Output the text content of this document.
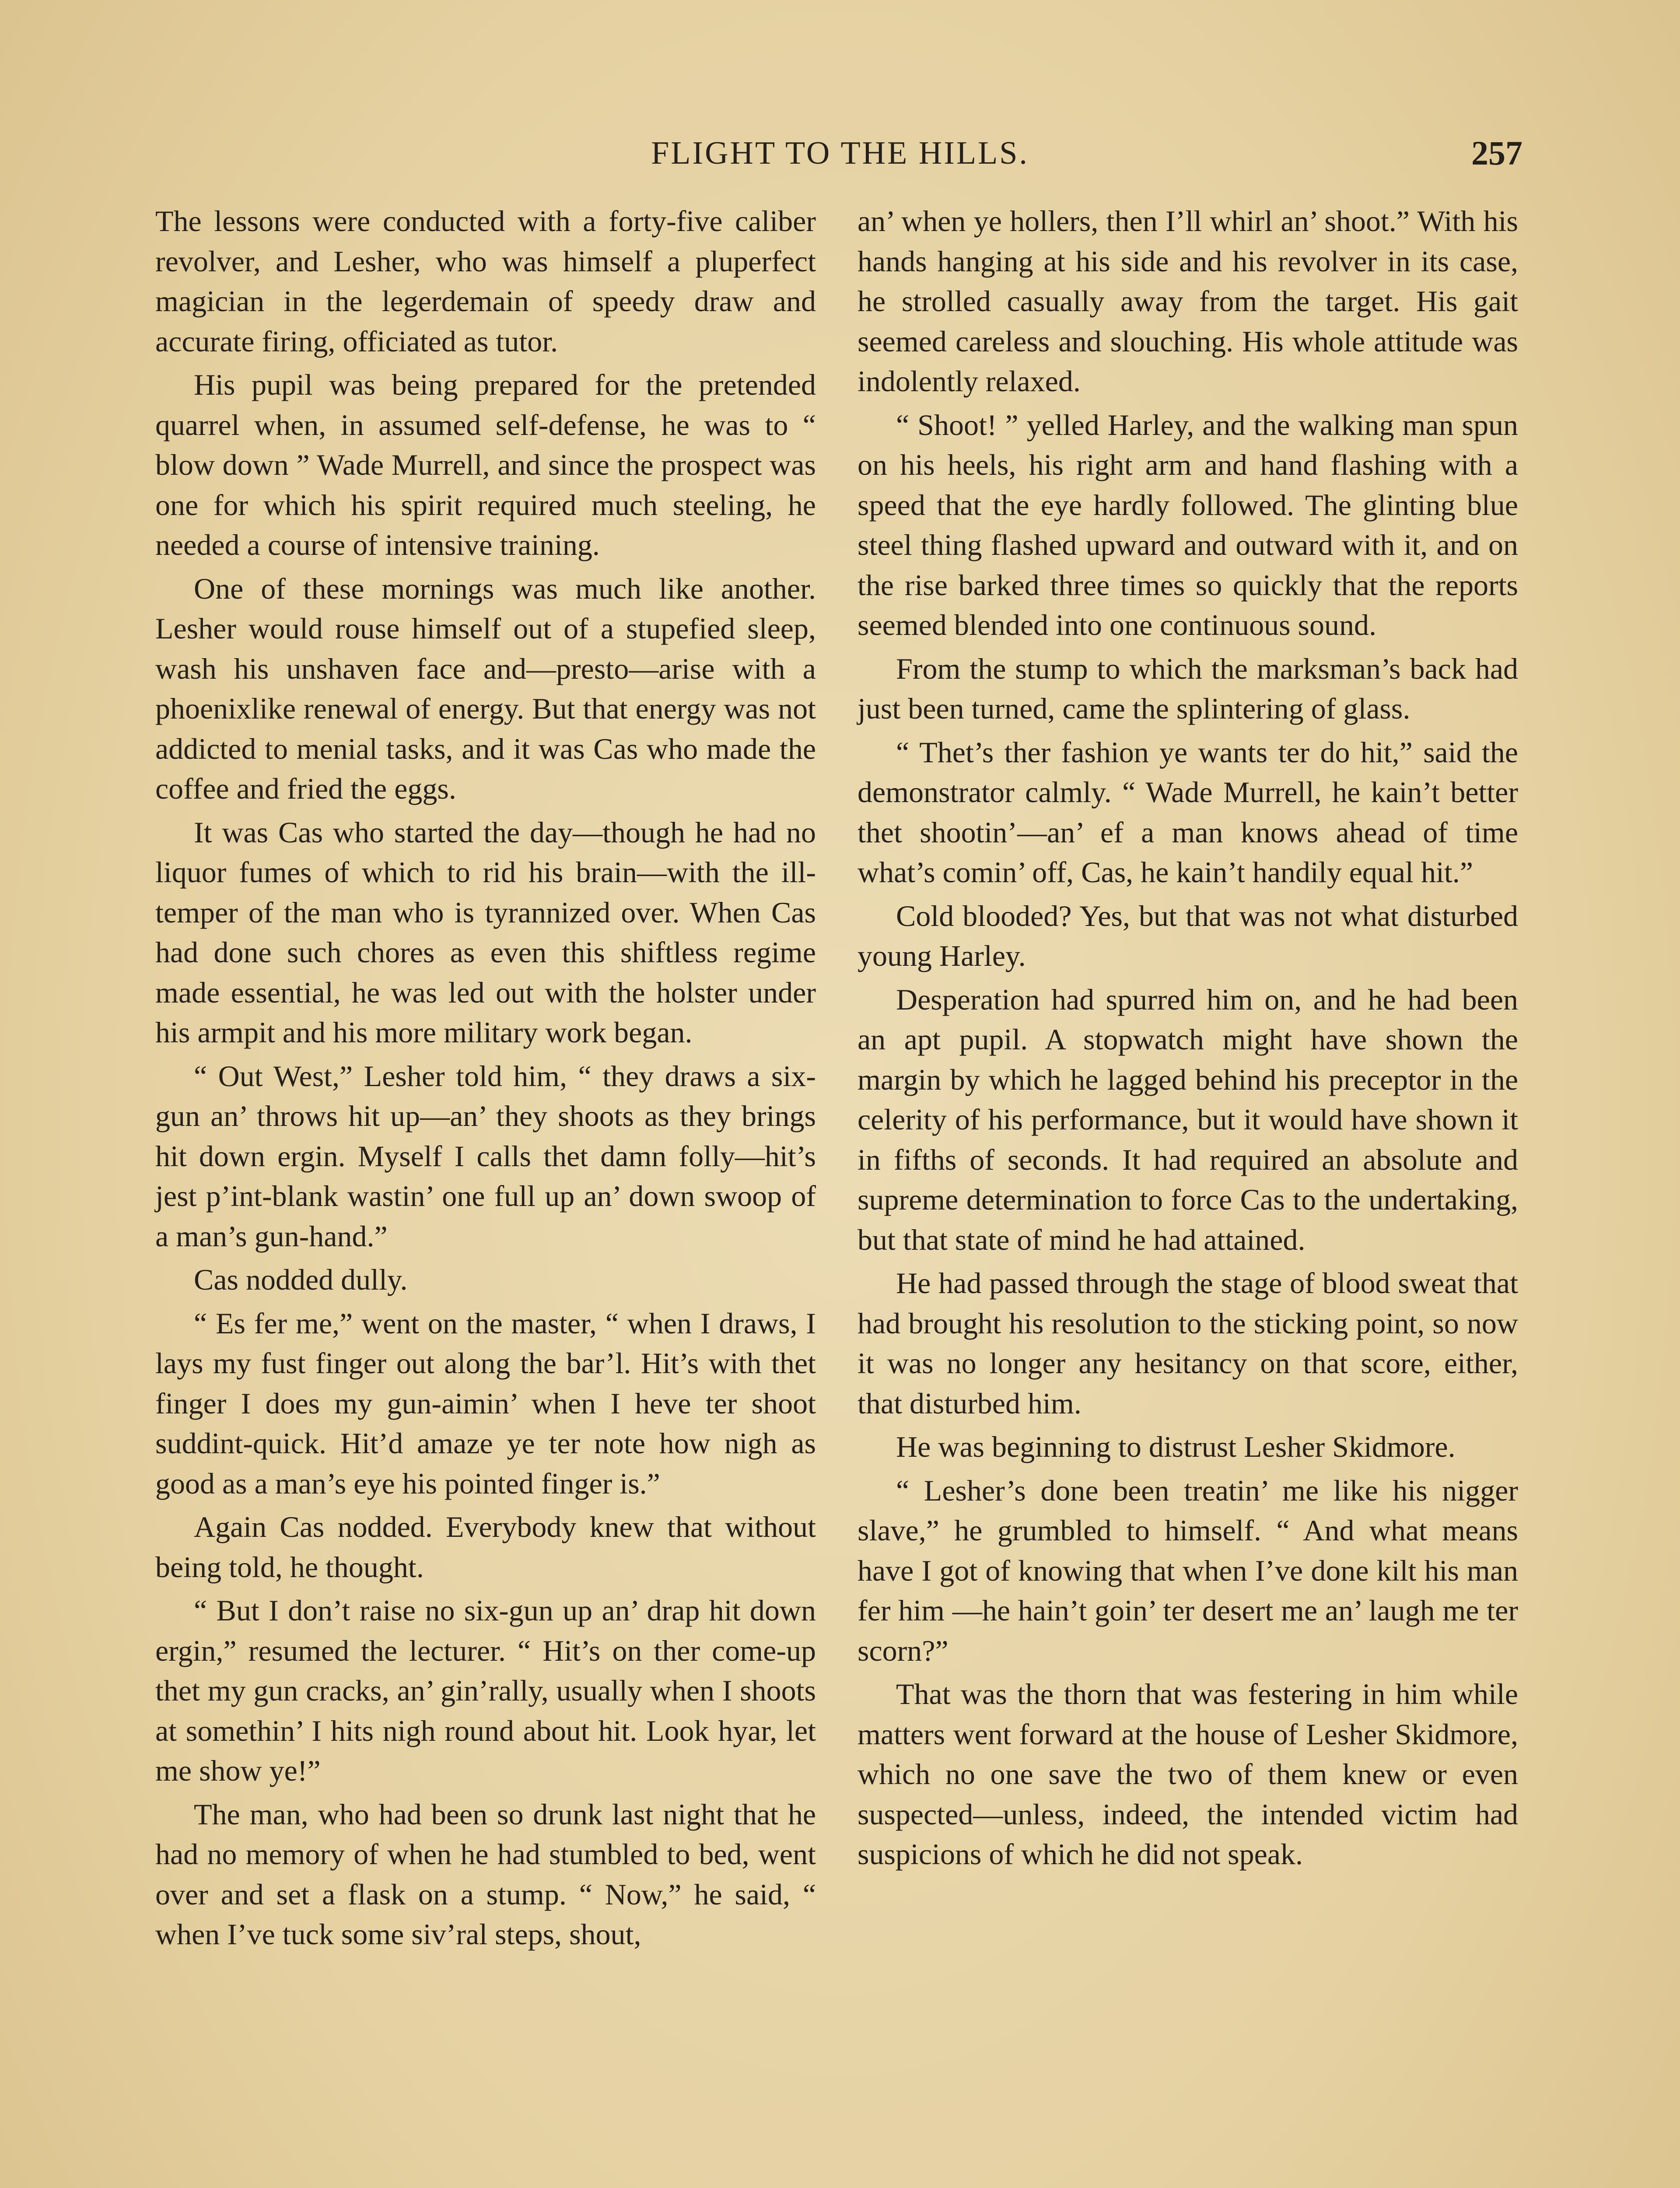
FLIGHT TO THE HILLS.	257

The lessons were conducted with a forty-five caliber revolver, and Lesher, who was himself a pluperfect magician in the legerdemain of speedy draw and accurate firing, officiated as tutor.

His pupil was being prepared for the pretended quarrel when, in assumed self-defense, he was to “ blow down ” Wade Murrell, and since the prospect was one for which his spirit required much steeling, he needed a course of intensive training.

One of these mornings was much like another. Lesher would rouse himself out of a stupefied sleep, wash his unshaven face and—presto—arise with a phoenixlike renewal of energy. But that energy was not addicted to menial tasks, and it was Cas who made the coffee and fried the eggs.

It was Cas who started the day—though he had no liquor fumes of which to rid his brain—with the ill-temper of the man who is tyrannized over. When Cas had done such chores as even this shiftless regime made essential, he was led out with the holster under his armpit and his more military work began.

“ Out West,” Lesher told him, “ they draws a six-gun an’ throws hit up—an’ they shoots as they brings hit down ergin. Myself I calls thet damn folly—hit’s jest p’int-blank wastin’ one full up an’ down swoop of a man’s gun-hand.”

Cas nodded dully.

“ Es fer me,” went on the master, “ when I draws, I lays my fust finger out along the bar’l. Hit’s with thet finger I does my gun-aimin’ when I heve ter shoot suddint-quick. Hit’d amaze ye ter note how nigh as good as a man’s eye his pointed finger is.”

Again Cas nodded. Everybody knew that without being told, he thought.

“ But I don’t raise no six-gun up an’ drap hit down ergin,” resumed the lecturer. “ Hit’s on ther come-up thet my gun cracks, an’ gin’rally, usually when I shoots at somethin’ I hits nigh round about hit. Look hyar, let me show ye!”

The man, who had been so drunk last night that he had no memory of when he had stumbled to bed, went over and set a flask on a stump. “ Now,” he said, “ when I’ve tuck some siv’ral steps, shout,

an’ when ye hollers, then I’ll whirl an’ shoot.” With his hands hanging at his side and his revolver in its case, he strolled casually away from the target. His gait seemed careless and slouching. His whole attitude was indolently relaxed.

“ Shoot! ” yelled Harley, and the walking man spun on his heels, his right arm and hand flashing with a speed that the eye hardly followed. The glinting blue steel thing flashed upward and outward with it, and on the rise barked three times so quickly that the reports seemed blended into one continuous sound.

From the stump to which the marksman’s back had just been turned, came the splintering of glass.

“ Thet’s ther fashion ye wants ter do hit,” said the demonstrator calmly. “ Wade Murrell, he kain’t better thet shootin’—an’ ef a man knows ahead of time what’s comin’ off, Cas, he kain’t handily equal hit.”

Cold blooded? Yes, but that was not what disturbed young Harley.

Desperation had spurred him on, and he had been an apt pupil. A stopwatch might have shown the margin by which he lagged behind his preceptor in the celerity of his performance, but it would have shown it in fifths of seconds. It had required an absolute and supreme determination to force Cas to the undertaking, but that state of mind he had attained.

He had passed through the stage of blood sweat that had brought his resolution to the sticking point, so now it was no longer any hesitancy on that score, either, that disturbed him.

He was beginning to distrust Lesher Skidmore.

“ Lesher’s done been treatin’ me like his nigger slave,” he grumbled to himself. “ And what means have I got of knowing that when I’ve done kilt his man fer him —he hain’t goin’ ter desert me an’ laugh me ter scorn?”

That was the thorn that was festering in him while matters went forward at the house of Lesher Skidmore, which no one save the two of them knew or even suspected—unless, indeed, the intended victim had suspicions of which he did not speak.
